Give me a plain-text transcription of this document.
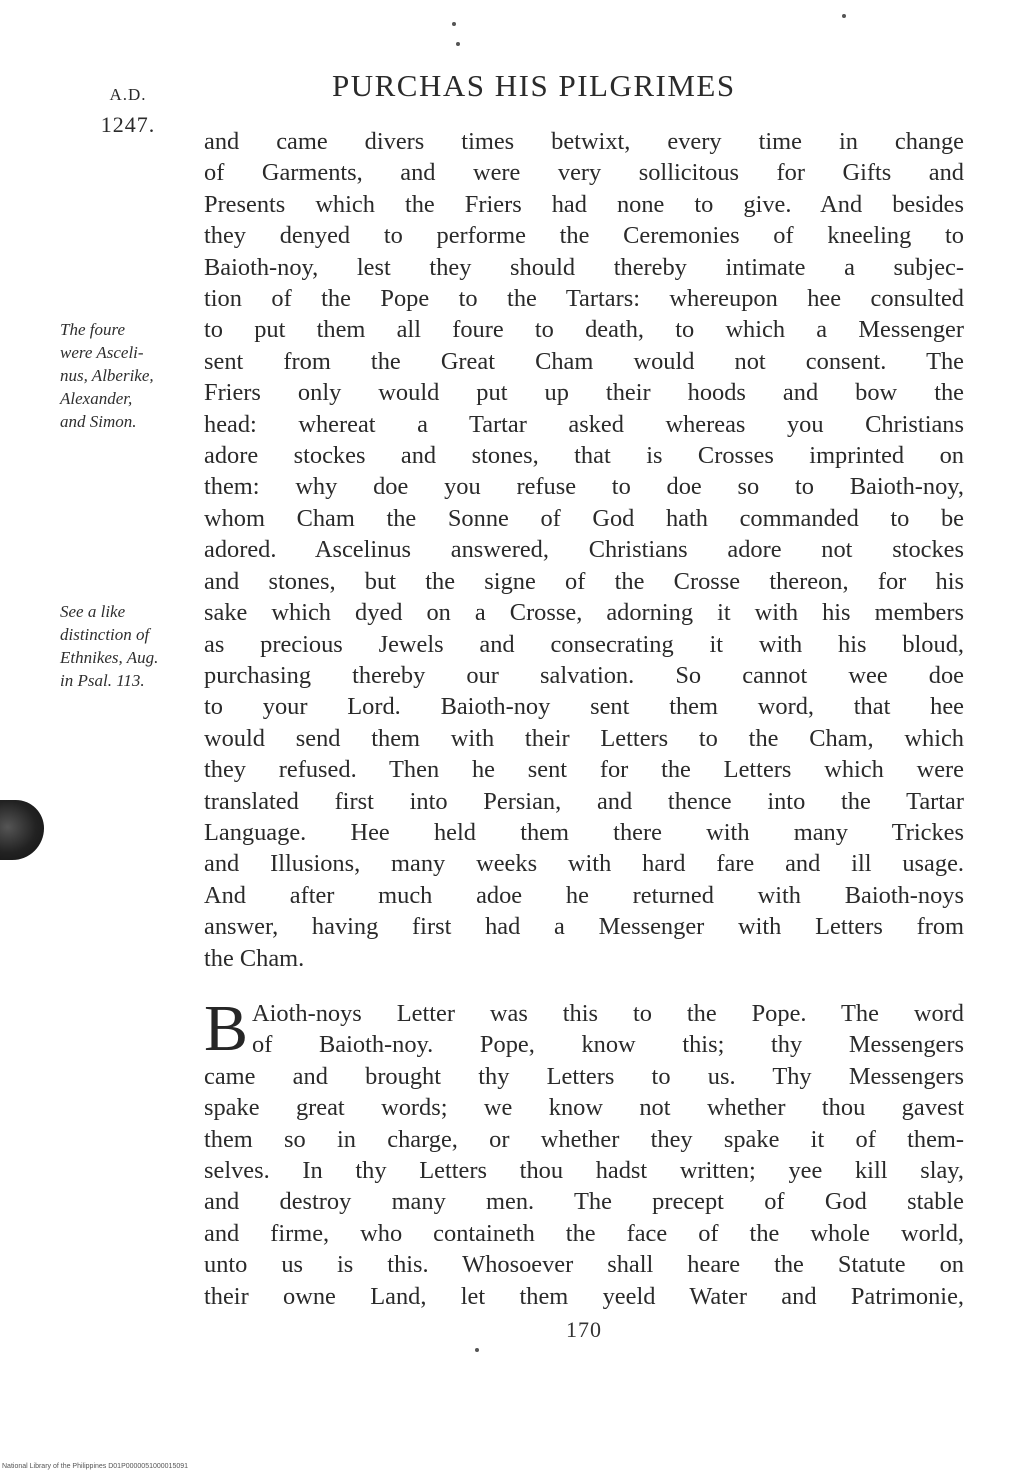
A.D.
1247.
PURCHAS HIS PILGRIMES
The foure
were Asceli-
nus, Alberike,
Alexander,
and Simon.
See a like
distinction of
Ethnikes, Aug.
in Psal. 113.
and came divers times betwixt, every time in change
of Garments, and were very sollicitous for Gifts and
Presents which the Friers had none to give. And besides
they denyed to performe the Ceremonies of kneeling to
Baioth-noy, lest they should thereby intimate a subjec-
tion of the Pope to the Tartars: whereupon hee consulted
to put them all foure to death, to which a Messenger
sent from the Great Cham would not consent. The
Friers only would put up their hoods and bow the
head: whereat a Tartar asked whereas you Christians
adore stockes and stones, that is Crosses imprinted on
them: why doe you refuse to doe so to Baioth-noy,
whom Cham the Sonne of God hath commanded to be
adored. Ascelinus answered, Christians adore not stockes
and stones, but the signe of the Crosse thereon, for his
sake which dyed on a Crosse, adorning it with his members
as precious Jewels and consecrating it with his bloud,
purchasing thereby our salvation. So cannot wee doe
to your Lord. Baioth-noy sent them word, that hee
would send them with their Letters to the Cham, which
they refused. Then he sent for the Letters which were
translated first into Persian, and thence into the Tartar
Language. Hee held them there with many Trickes
and Illusions, many weeks with hard fare and ill usage.
And after much adoe he returned with Baioth-noys
answer, having first had a Messenger with Letters from
the Cham.
B Aioth-noys Letter was this to the Pope. The word
of Baioth-noy. Pope, know this; thy Messengers
came and brought thy Letters to us. Thy Messengers
spake great words; we know not whether thou gavest
them so in charge, or whether they spake it of them-
selves. In thy Letters thou hadst written; yee kill slay,
and destroy many men. The precept of God stable
and firme, who containeth the face of the whole world,
unto us is this. Whosoever shall heare the Statute on
their owne Land, let them yeeld Water and Patrimonie,
170
National Library of the Philippines D01P0000051000015091
